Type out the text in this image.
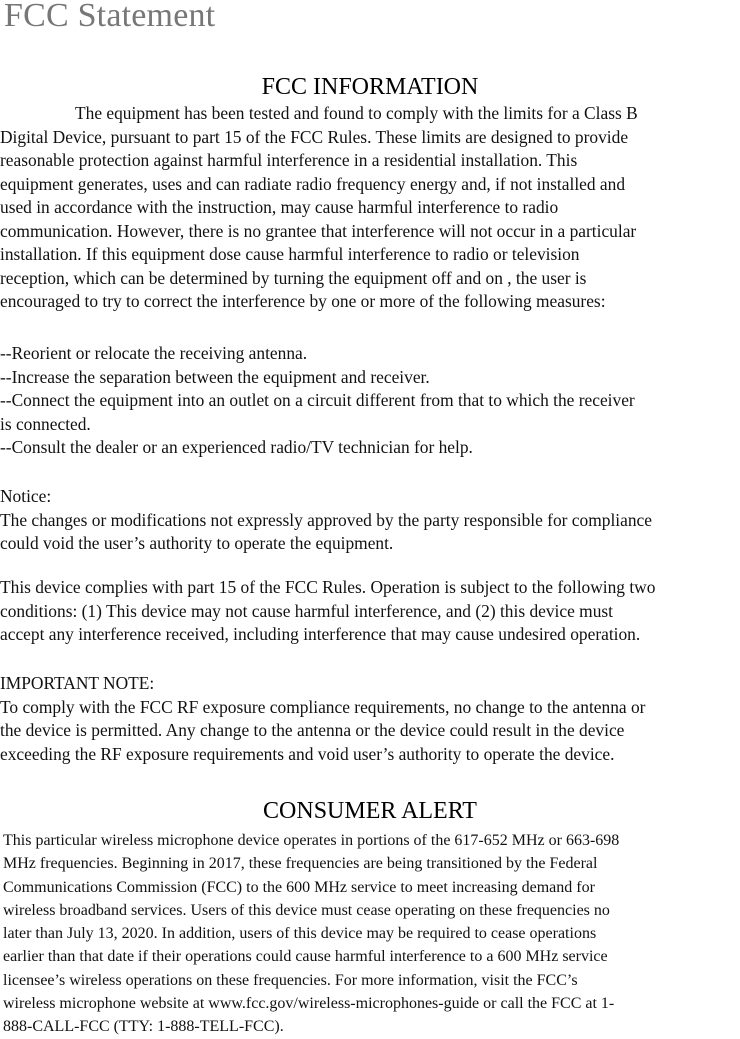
FCC Statement
FCC INFORMATION

The equipment has been tested and found to comply with the limits for a Class B

Digital Device, pursuant to part 15 of the FCC Rules. These limits are designed to provide

reasonable protection against harmful interference in a residential installation. This

equipment generates, uses and can radiate radio frequency energy and, if not installed and

used in accordance with the instruction, may cause harmful interference to radio

communication. However, there is no grantee that interference will not occur in a particular

installation. If this equipment dose cause harmful interference to radio or television

reception, which can be determined by turning the equipment off and on , the user is

encouraged to try to correct the interference by one or more of the following measures:

--Reorient or relocate the receiving antenna.

--Increase the separation between the equipment and receiver.

--Connect the equipment into an outlet on a circuit different from that to which the receiver

is connected.

--Consult the dealer or an experienced radio/TV technician for help.

Notice:

The changes or modifications not expressly approved by the party responsible for compliance

could void the user’s authority to operate the equipment.

This device complies with part 15 of the FCC Rules. Operation is subject to the following two

conditions: (1) This device may not cause harmful interference, and (2) this device must

accept any interference received, including interference that may cause undesired operation.

IMPORTANT NOTE:

To comply with the FCC RF exposure compliance requirements, no change to the antenna or

the device is permitted. Any change to the antenna or the device could result in the device

exceeding the RF exposure requirements and void user’s authority to operate the device.

CONSUMER ALERT
This particular wireless microphone device operates in portions of the 617-652 MHz or 663-698
MHz frequencies. Beginning in 2017, these frequencies are being transitioned by the Federal
Communications Commission (FCC) to the 600 MHz service to meet increasing demand for
wireless broadband services. Users of this device must cease operating on these frequencies no
later than July 13, 2020. In addition, users of this device may be required to cease operations
earlier than that date if their operations could cause harmful interference to a 600 MHz service
licensee’s wireless operations on these frequencies. For more information, visit the FCC’s
wireless microphone website at www.fcc.gov/wireless-microphones-guide or call the FCC at 1-
888-CALL-FCC (TTY: 1-888-TELL-FCC).
